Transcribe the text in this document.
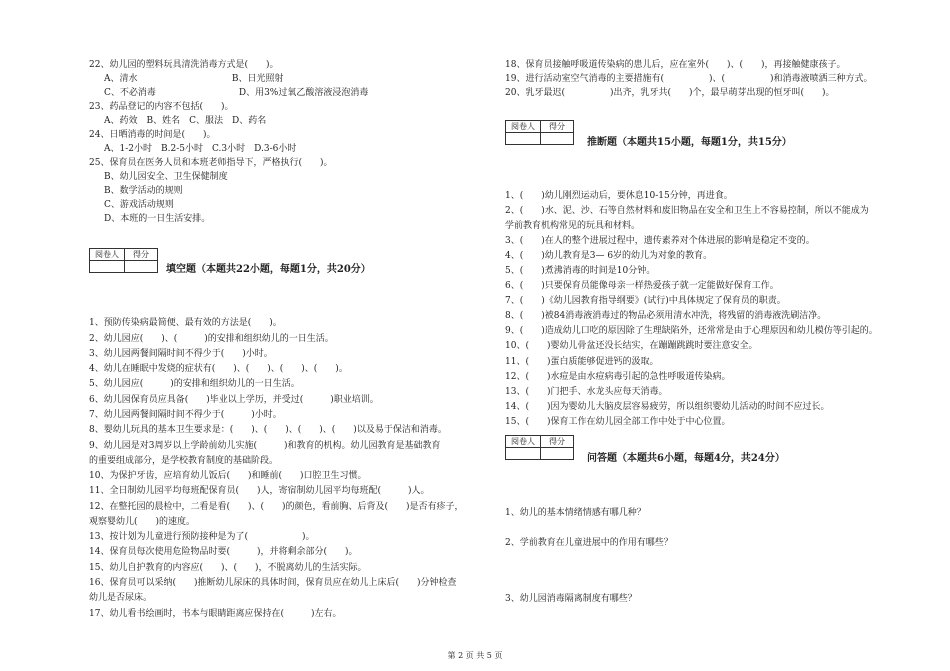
22、幼儿园的塑料玩具清洗消毒方式是(　　)。
A、清水                                 B、日光照射
C、不必消毒                             D、用3%过氧乙酸溶液浸泡消毒
23、药品登记的内容不包括(　　)。
A、药效　B、姓名　C、服法　D、药名
24、日晒消毒的时间是(　　)。
A、1-2小时　B.2-5小时　C.3小时　D.3-6小时
25、保育员在医务人员和本班老师指导下，严格执行(　　)。
B、幼儿园安全、卫生保健制度
B、数学活动的规则
C、游戏活动规则
D、本班的一日生活安排。
阅卷人	得分

填空题（本题共22小题，每题1分，共20分）
1、预防传染病最简便、最有效的方法是(　　)。
2、幼儿园应(　　)、(　　　)的安排和组织幼儿的一日生活。
3、幼儿园两餐间隔时间不得少于(　　)小时。
4、幼儿在睡眠中发烧的症状有(　　)、(　　)、(　　)、(　　)。
5、幼儿园应(　　　)的安排和组织幼儿的一日生活。
6、幼儿园保育员应具备(　　)毕业以上学历，并受过(　　　)职业培训。
7、幼儿园两餐间隔时间不得少于(　　　)小时。
8、婴幼儿玩具的基本卫生要求是：(　　)、(　　)、(　　)、(　　)以及易于保洁和消毒。
9、幼儿园是对3周岁以上学龄前幼儿实施(　　　)和教育的机构。幼儿园教育是基础教育
的重要组成部分，是学校教育制度的基础阶段。
10、为保护牙齿，应培育幼儿饭后(　　)和睡前(　　)口腔卫生习惯。
11、全日制幼儿园平均每班配保育员(　　)人，寄宿制幼儿园平均每班配(　　　)人。
12、在整托园的晨检中，二看是看(　　)、(　　)的颜色，看前胸、后背及(　　)是否有疹子，
观察婴幼儿(　　)的速度。
13、按计划为儿童进行预防接种是为了(　　　　　　)。
14、保育员每次使用危险物品时要(　　　)，并将剩余部分(　　)。
15、幼儿自护教育的内容应(　　)、(　　)，不脱离幼儿的生活实际。
16、保育员可以采纳(　　)推断幼儿尿床的具体时间，保育员应在幼儿上床后(　　)分钟检查
幼儿是否尿床。
17、幼儿看书绘画时，书本与眼睛距离应保持在(　　　)左右。
18、保育员接触呼吸道传染病的患儿后，应在室外(　　)、(　　)，再接触健康孩子。
19、进行活动室空气消毒的主要措施有(　　　　　)、(　　　　　)和消毒液喷洒三种方式。
20、乳牙最迟(　　　　　)出齐，乳牙共(　　)个，最早萌芽出现的恒牙叫(　　)。
阅卷人	得分

推断题（本题共15小题，每题1分，共15分）
1、(　　)幼儿刚烈运动后，要休息10-15分钟，再进食。
2、(　　)水、泥、沙、石等自然材料和废旧物品在安全和卫生上不容易控制，所以不能成为
学前教育机构常见的玩具和材料。
3、(　　)在人的整个进展过程中，遗传素养对个体进展的影响是稳定不变的。
4、(　　)幼儿教育是3— 6岁的幼儿为对象的教育。
5、(　　)煮沸消毒的时间是10分钟。
6、(　　)只要保育员能像母亲一样热爱孩子就一定能做好保育工作。
7、(　　)《幼儿园教育指导纲要》(试行)中具体规定了保育员的职责。
8、(　　)被84消毒液消毒过的物品必须用清水冲洗，将残留的消毒液洗刷洁净。
9、(　　)造成幼儿口吃的原因除了生理缺陷外，还常常是由于心理原因和幼儿模仿等引起的。
10、(　　)婴幼儿骨盆还没长结实，在蹦蹦跳跳时要注意安全。
11、(　　)蛋白质能够促进钙的汲取。
12、(　　)水痘是由水痘病毒引起的急性呼吸道传染病。
13、(　　)门把手、水龙头应每天消毒。
14、(　　)因为婴幼儿大脑皮层容易疲劳，所以组织婴幼儿活动的时间不应过长。
15、(　　)保育工作在幼儿园全部工作中处于中心位置。
阅卷人	得分

问答题（本题共6小题，每题4分，共24分）
1、幼儿的基本情绪情感有哪几种？
2、学前教育在儿童进展中的作用有哪些？
3、幼儿园消毒隔离制度有哪些？
第 2 页 共 5 页
